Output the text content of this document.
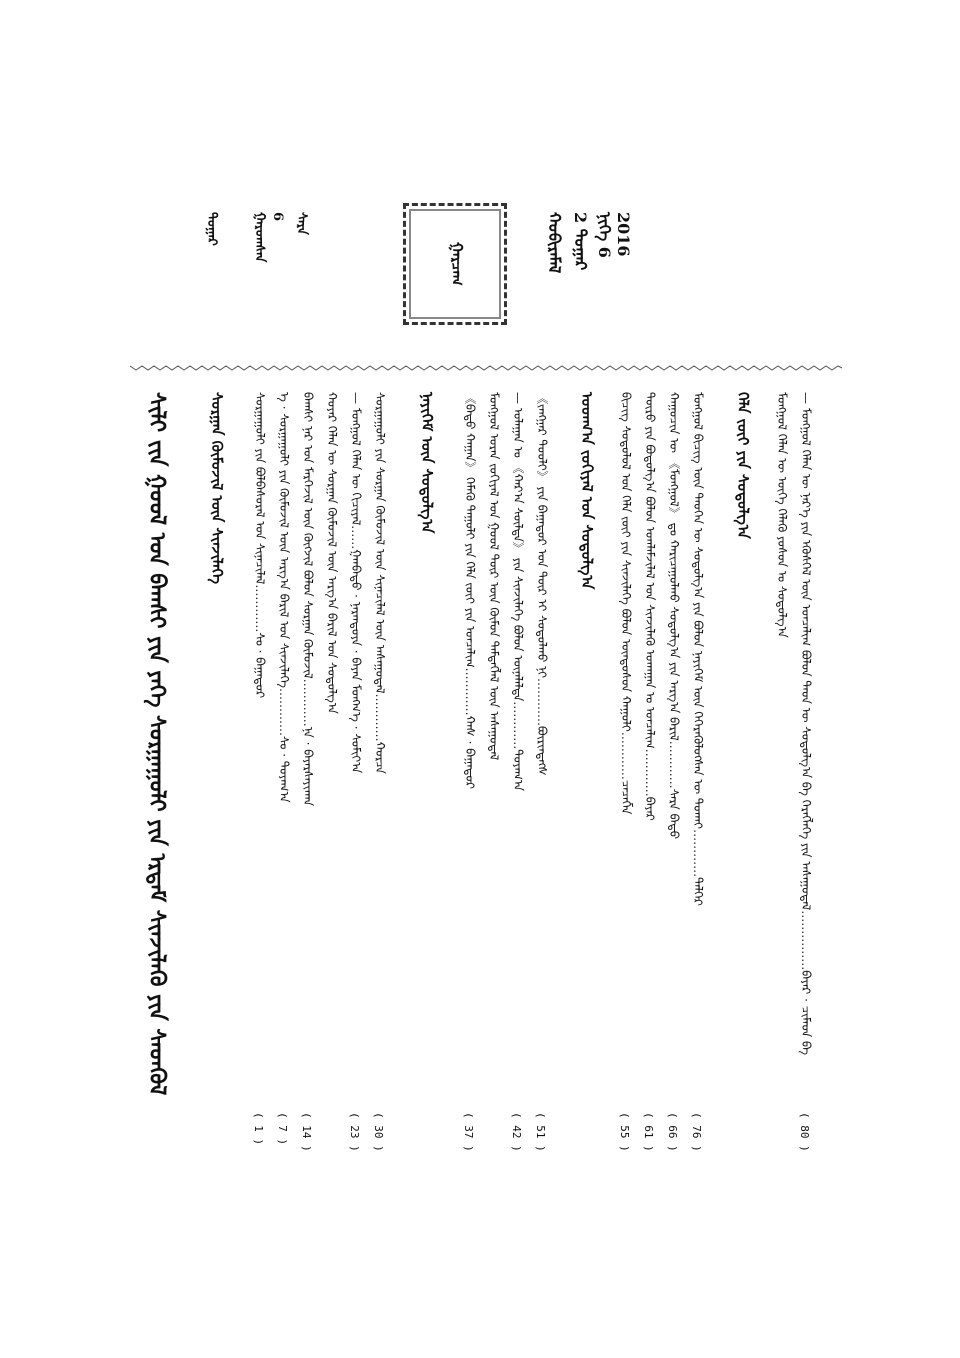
2016
ᠨᠢᠭᠡ 6
2 ᠳᠤᠭᠠᠷ
ᠬᠣᠪᠢᠷᠠᠮᠠᠯ
ᠭᠠᠷᠴᠠᠭ
ᠰᠠᠷᠠ
6
ᠭᠠᠷᠤᠭᠰᠠᠨ
ᠳᠤᠭᠠᠷ
— ᠮᠣᠩᠭᠣᠯ ᠬᠡᠯᠡᠨ ᠦ ᠨᠡᠷ᠎ᠡ ᠶᠢᠨ ᠡᠭᠦᠰᠬᠡᠯ ᠦᠨ ᠣᠨᠴᠠᠯᠢᠭ ᠪᠣᠯᠤᠨ ᠲᠡᠦᠨ ᠦ ᠰᠤᠳᠤᠯᠭ᠎ᠠ ᠪᠠ ᠬᠡᠷᠡᠭᠯᠡᠭᠡ ᠶᠢᠨ ᠠᠰᠠᠭᠤᠳᠠᠯ……………ᠪᠠᠶᠠᠷ · ᠴᠢᠮᠡᠳ ᠪᠠ
( 80 )
ᠮᠣᠩᠭᠣᠯ ᠬᠡᠯᠡᠨ ᠦ ᠦᠭᠡ ᠬᠡᠯᠡᠬᠦ ᠶᠣᠰᠣᠨ ᠤ ᠰᠤᠳᠤᠯᠭ᠎ᠠ
ᠬᠡᠯᠡ ᠵᠦᠢ ᠶᠢᠨ ᠰᠤᠳᠤᠯᠭ᠎ᠠ
ᠮᠣᠩᠭᠣᠯ ᠪᠢᠴᠢᠭ᠌ ᠦᠨ ᠲᠡᠦᠬᠡᠨ ᠦ ᠰᠤᠳᠤᠯᠭ᠎ᠠ ᠶᠢᠨ ᠪᠣᠯᠤᠨ ᠨᠡᠶᠢᠭᠡᠮ ᠦᠨ ᠭᠡᠭᠡᠷᠡᠭᠦᠯᠦᠭᠰᠡᠨ ᠦ ᠲᠤᠬᠠᠢ…………ᠳᠡᠯᠭᠡᠷ
( 76 )
ᠬᠠᠭᠤᠴᠢᠨ ᠦ 《ᠮᠣᠩᠭᠣᠯ》 ᠳᠤ ᠬᠠᠷᠢᠴᠠᠭᠤᠯᠬᠤ ᠰᠤᠳᠤᠯᠭ᠎ᠠ ᠶᠢᠨ ᠠᠷᠭ᠎ᠠ ᠪᠠᠷᠢᠯ…………ᠰᠠᠷᠠ ᠪᠠᠲᠤ
( 66 )
ᠲᠦᠷᠦ ᠶᠢᠨ ᠪᠣᠳᠣᠯᠭ᠎ᠠ ᠪᠣᠯᠤᠨ ᠤᠭᠯᠠᠮᠵᠢᠯᠠᠯ ᠤᠨ ᠰᠢᠨᠵᠢᠯᠡᠬᠦ ᠤᠬᠠᠭᠠᠨ ᠤ ᠣᠨᠴᠠᠯᠢᠭ…………ᠪᠠᠶᠠᠷ
( 61 )
ᠪᠢᠴᠢᠭ᠌ ᠰᠤᠳᠤᠯᠤᠯ ᠤᠨ ᠬᠡᠯᠡ ᠵᠦᠢ ᠶᠢᠨ ᠰᠢᠨᠵᠢᠯᠡᠭᠡ ᠪᠣᠯᠤᠨ ᠦᠨᠳᠦᠰᠦᠨ ᠬᠠᠭᠤᠯᠢ…………ᠴᠡᠴᠡᠭᠮᠠ
( 55 )
ᠤᠳᠬ᠎ᠠ ᠵᠣᠬᠢᠶᠠᠯ ᠤᠨ ᠰᠤᠳᠤᠯᠭ᠎ᠠ
《ᠵᠠᠩᠭᠠᠷ ᠲᠤᠤᠯᠢ》 ᠶᠢᠨ ᠪᠠᠭᠠᠳᠤᠷ ᠤᠨ ᠳᠦᠷ ᠢ ᠰᠤᠳᠤᠯᠬᠤ ᠨᠢ…………ᠪᠦᠷᠢᠨᠲᠡᠭᠰ
( 51 )
— ᠤᠯᠠᠭᠠᠨ ᠤ 《ᠬᠠᠷ᠎ᠠ ᠰᠦᠯᠳᠡ》 ᠶᠢᠨ ᠰᠢᠨᠵᠢᠯᠡᠭᠡ ᠪᠣᠯᠤᠨ ᠦᠨᠡᠯᠡᠯᠲᠡ…………ᠲᠤᠶᠠᠭ᠎ᠠ
( 42 )
ᠮᠣᠩᠭᠣᠯ ᠤᠷᠠᠨ ᠵᠣᠬᠢᠶᠠᠯ ᠤᠨ ᠭᠣᠣᠯ ᠳᠦᠷ ᠦᠨ ᠬᠦᠮᠦᠨ ᠲᠡᠮᠳᠡᠭᠯᠡᠯ ᠦᠨ ᠠᠰᠠᠭᠤᠳᠠᠯ
《ᠪᠠᠲᠤ ᠬᠠᠭᠠᠨ》 ᠬᠡᠮᠡᠬᠦ ᠲᠠᠭᠤᠯᠢ ᠶᠢᠨ ᠬᠡᠯᠡ ᠵᠦᠢ ᠶᠢᠨ ᠣᠨᠴᠠᠯᠢᠭ…………ᠬᠠᠰ · ᠪᠠᠭᠠᠲᠤᠷ
( 37 )
ᠨᠡᠶᠢᠭᠡᠮ ᠦᠨ ᠰᠤᠳᠤᠯᠭ᠎ᠠ
ᠰᠤᠷᠭᠠᠭᠤᠯᠢ ᠶᠢᠨ ᠰᠤᠷᠭᠠᠨ ᠬᠦᠮᠦᠵᠢᠯ ᠦᠨ ᠰᠢᠨᠡᠴᠢᠯᠡᠯ ᠦᠨ ᠠᠰᠠᠭᠤᠳᠠᠯ…………ᠬᠤᠷᠴᠠ
( 30 )
— ᠮᠣᠩᠭᠣᠯ ᠬᠡᠯᠡᠨ ᠦ ᠬᠢᠴᠢᠶᠡᠯ……ᠭᠠᠨᠪᠠᠲᠤ · ᠨᠠᠷᠠᠨᠲᠤᠶᠠ · ᠪᠠᠶᠠᠨ ᠮᠤᠩᠬ᠎ᠡ · ᠰᠤᠮᠢᠶ᠎ᠠ
( 23 )
ᠬᠣᠶᠠᠷ ᠬᠡᠯᠡᠨ ᠦ ᠰᠤᠷᠭᠠᠨ ᠬᠦᠮᠦᠵᠢᠯ ᠦᠨ ᠠᠷᠭ᠎ᠠ ᠪᠠᠷᠢᠯ ᠤᠨ ᠰᠤᠳᠤᠯᠭ᠎ᠠ
ᠪᠠᠭᠰᠢ ᠨᠠᠷ ᠤᠨ ᠮᠡᠷᠭᠡᠵᠢᠯ ᠦᠨ ᠬᠥᠭᠵᠢᠯ ᠪᠣᠯᠤᠨ ᠰᠤᠷᠭᠠᠨ ᠬᠦᠮᠦᠵᠢᠯ…………ᠨᠠ · ᠪᠠᠶᠠᠷᠰᠠᠶᠢᠬᠠᠨ
( 14 )
ᠡ · ᠰᠤᠷᠭᠠᠭᠤᠯᠢ ᠶᠢᠨ ᠬᠦᠮᠦᠵᠢᠯ ᠦᠨ ᠠᠷᠭ᠎ᠠ ᠪᠠᠷᠢᠯ ᠤᠨ ᠰᠢᠨᠵᠢᠯᠡᠭᠡ…………ᠰᠤ · ᠲᠤᠶᠠᠭ᠎ᠠ
( 7 )
ᠰᠤᠷᠭᠠᠭᠤᠯᠢ ᠶᠢᠨ ᠪᠣᠯᠪᠠᠰᠤᠷᠠᠯ ᠤᠨ ᠰᠢᠨᠡᠴᠢᠯᠡᠯ…………ᠰᠤ · ᠪᠠᠭᠠᠲᠤᠷ
( 1 )
ᠰᠤᠷᠭᠠᠨ ᠬᠦᠮᠦᠵᠢᠯ ᠦᠨ ᠰᠢᠨᠵᠢᠯᠡᠭᠡ
ᠰᠢᠯᠢ ᠵᠢᠨ ᠭᠣᠣᠯ ᠤᠨ ᠪᠠᠭᠰᠢ ᠶᠢᠨ ᠶᠡᠬᠡ ᠰᠤᠷᠭᠠᠭᠤᠯᠢ ᠶᠢᠨ ᠡᠷᠳᠡᠮ ᠰᠢᠨᠵᠢᠯᠡᠬᠦ ᠶᠢᠨ ᠰᠡᠳᠬᠦᠯ
